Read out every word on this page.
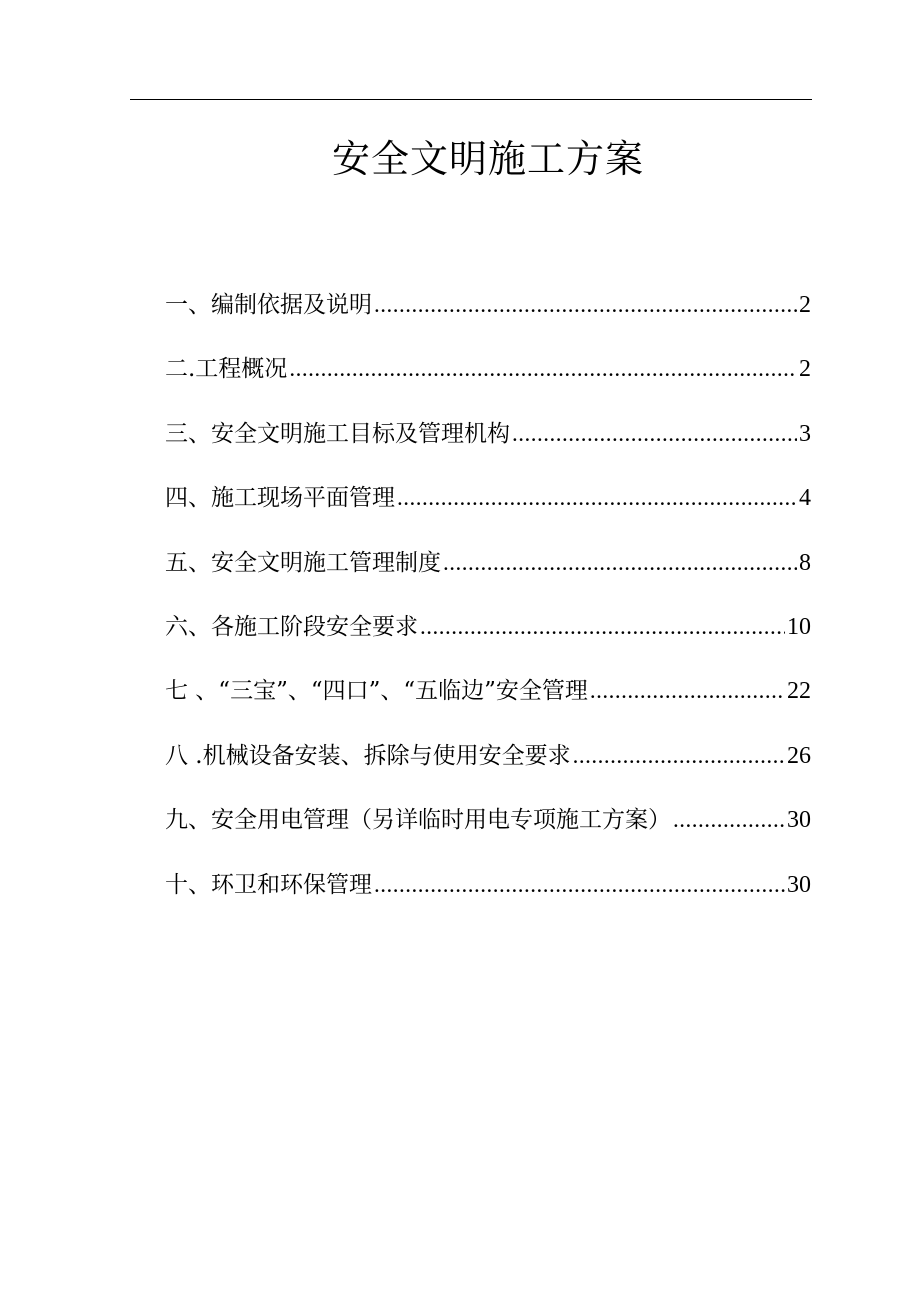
安全文明施工方案
一、编制依据及说明 .....	2
二.工程概况 .....	2
三、安全文明施工目标及管理机构 .....	3
四、施工现场平面管理 .....	4
五、安全文明施工管理制度 .....	8
六、各施工阶段安全要求 .....	10
七 、“三宝”、“四口”、“五临边”安全管理 .....	22
八 .机械设备安装、拆除与使用安全要求 .....	26
九、安全用电管理（另详临时用电专项施工方案） .....	30
十、环卫和环保管理 .....	30
